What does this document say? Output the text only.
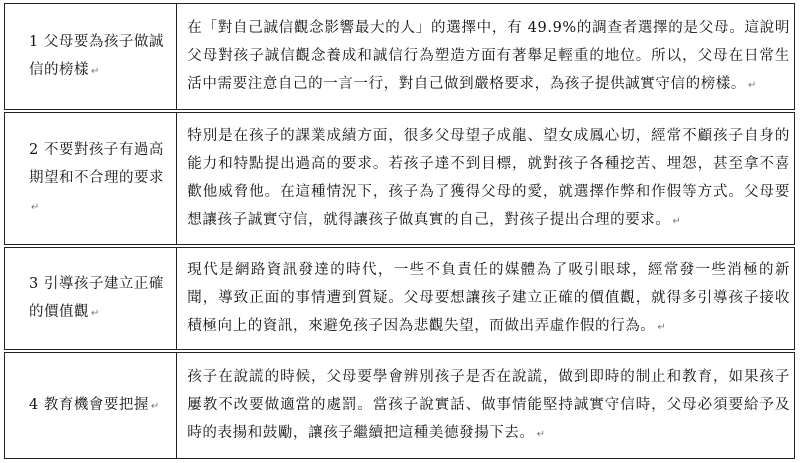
1 父母要為孩子做誠信的榜樣 ↵	在「對自己誠信觀念影響最大的人」的選擇中，有 49.9%的調查者選擇的是父母。這說明父母對孩子誠信觀念養成和誠信行為塑造方面有著舉足輕重的地位。所以，父母在日常生活中需要注意自己的一言一行，對自己做到嚴格要求，為孩子提供誠實守信的榜樣。 ↵

2 不要對孩子有過高期望和不合理的要求↵	特別是在孩子的課業成績方面，很多父母望子成龍、望女成鳳心切，經常不顧孩子自身的能力和特點提出過高的要求。若孩子達不到目標，就對孩子各種挖苦、埋怨，甚至拿不喜歡他威脅他。在這種情況下，孩子為了獲得父母的愛，就選擇作弊和作假等方式。父母要想讓孩子誠實守信，就得讓孩子做真實的自己，對孩子提出合理的要求。 ↵

3 引導孩子建立正確的價值觀 ↵	現代是網路資訊發達的時代，一些不負責任的媒體為了吸引眼球，經常發一些消極的新聞，導致正面的事情遭到質疑。父母要想讓孩子建立正確的價值觀，就得多引導孩子接收積極向上的資訊，來避免孩子因為悲觀失望，而做出弄虛作假的行為。 ↵

4 教育機會要把握 ↵	孩子在說謊的時候，父母要學會辨別孩子是否在說謊，做到即時的制止和教育，如果孩子屢教不改要做適當的處罰。當孩子說實話、做事情能堅持誠實守信時，父母必須要給予及時的表揚和鼓勵，讓孩子繼續把這種美德發揚下去。 ↵
